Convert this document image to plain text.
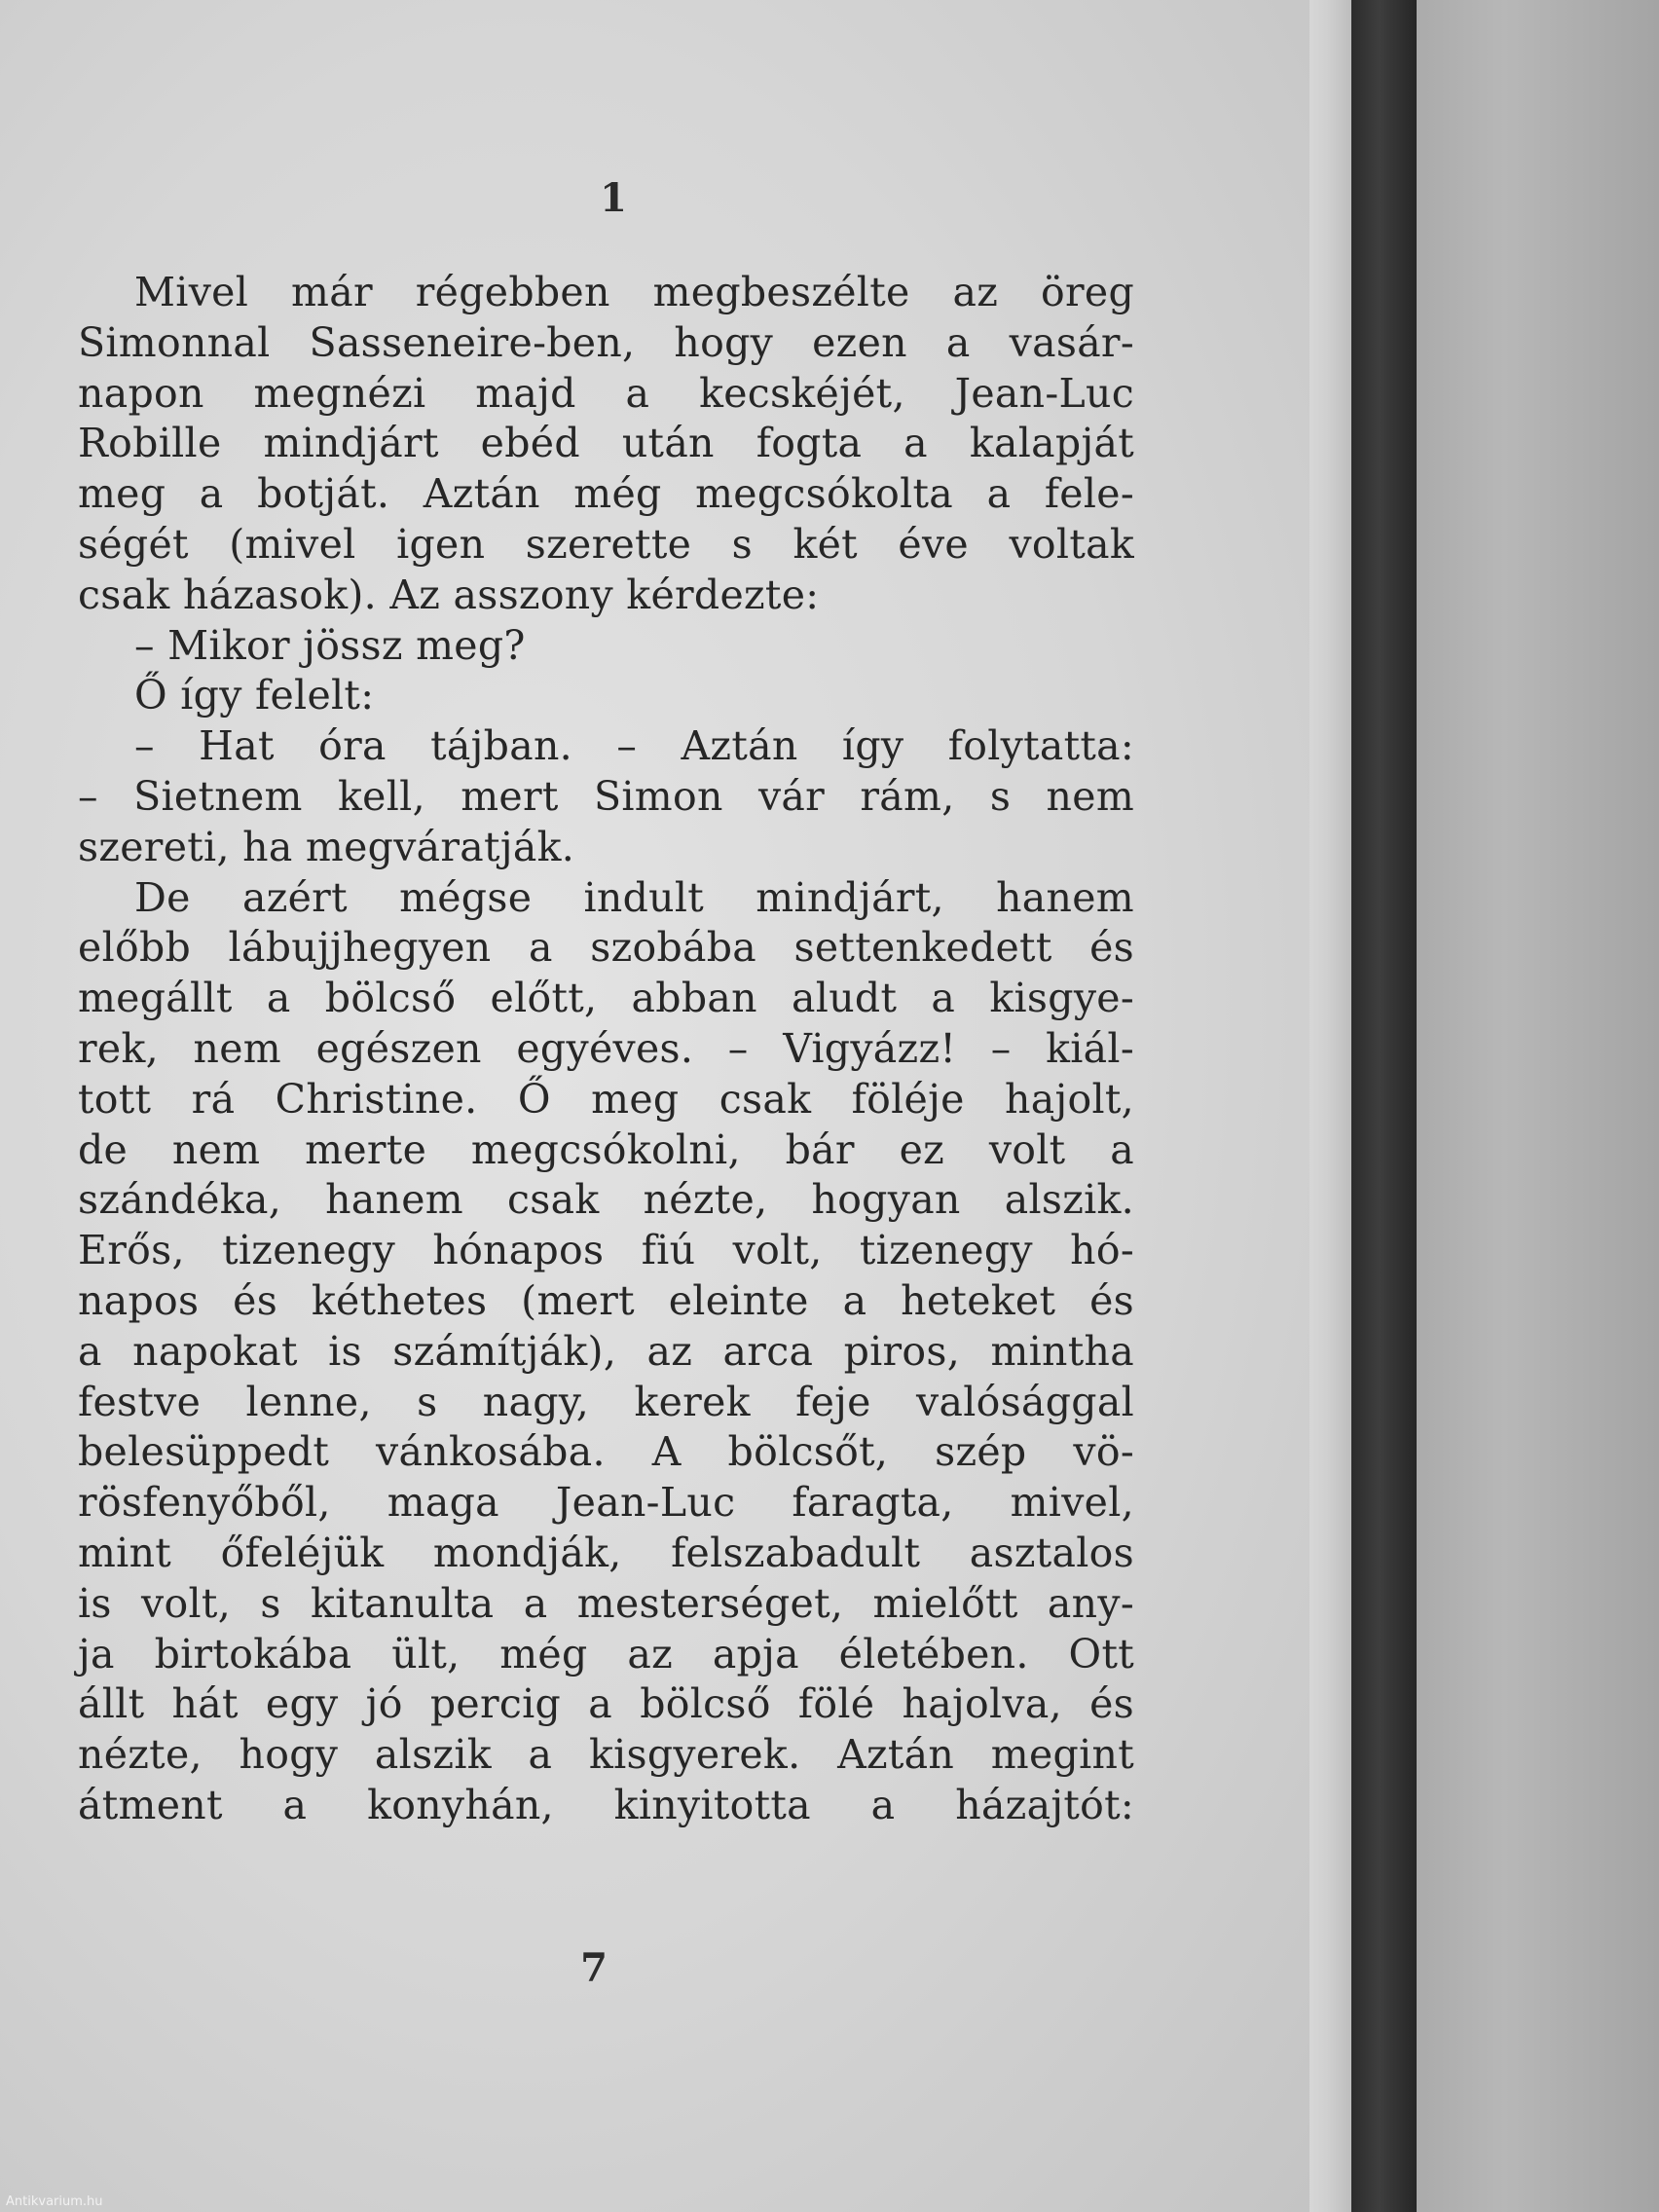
1
Mivel már régebben megbeszélte az öreg
Simonnal Sasseneire-ben, hogy ezen a vasár-
napon megnézi majd a kecskéjét, Jean-Luc
Robille mindjárt ebéd után fogta a kalapját
meg a botját. Aztán még megcsókolta a fele-
ségét (mivel igen szerette s két éve voltak
csak házasok). Az asszony kérdezte:
– Mikor jössz meg?
Ő így felelt:
– Hat óra tájban. – Aztán így folytatta:
– Sietnem kell, mert Simon vár rám, s nem
szereti, ha megváratják.
De azért mégse indult mindjárt, hanem
előbb lábujjhegyen a szobába settenkedett és
megállt a bölcső előtt, abban aludt a kisgye-
rek, nem egészen egyéves. – Vigyázz! – kiál-
tott rá Christine. Ő meg csak föléje hajolt,
de nem merte megcsókolni, bár ez volt a
szándéka, hanem csak nézte, hogyan alszik.
Erős, tizenegy hónapos fiú volt, tizenegy hó-
napos és kéthetes (mert eleinte a heteket és
a napokat is számítják), az arca piros, mintha
festve lenne, s nagy, kerek feje valósággal
belesüppedt vánkosába. A bölcsőt, szép vö-
rösfenyőből, maga Jean-Luc faragta, mivel,
mint őfeléjük mondják, felszabadult asztalos
is volt, s kitanulta a mesterséget, mielőtt any-
ja birtokába ült, még az apja életében. Ott
állt hát egy jó percig a bölcső fölé hajolva, és
nézte, hogy alszik a kisgyerek. Aztán megint
átment a konyhán, kinyitotta a házajtót:
7
Antikvarium.hu
